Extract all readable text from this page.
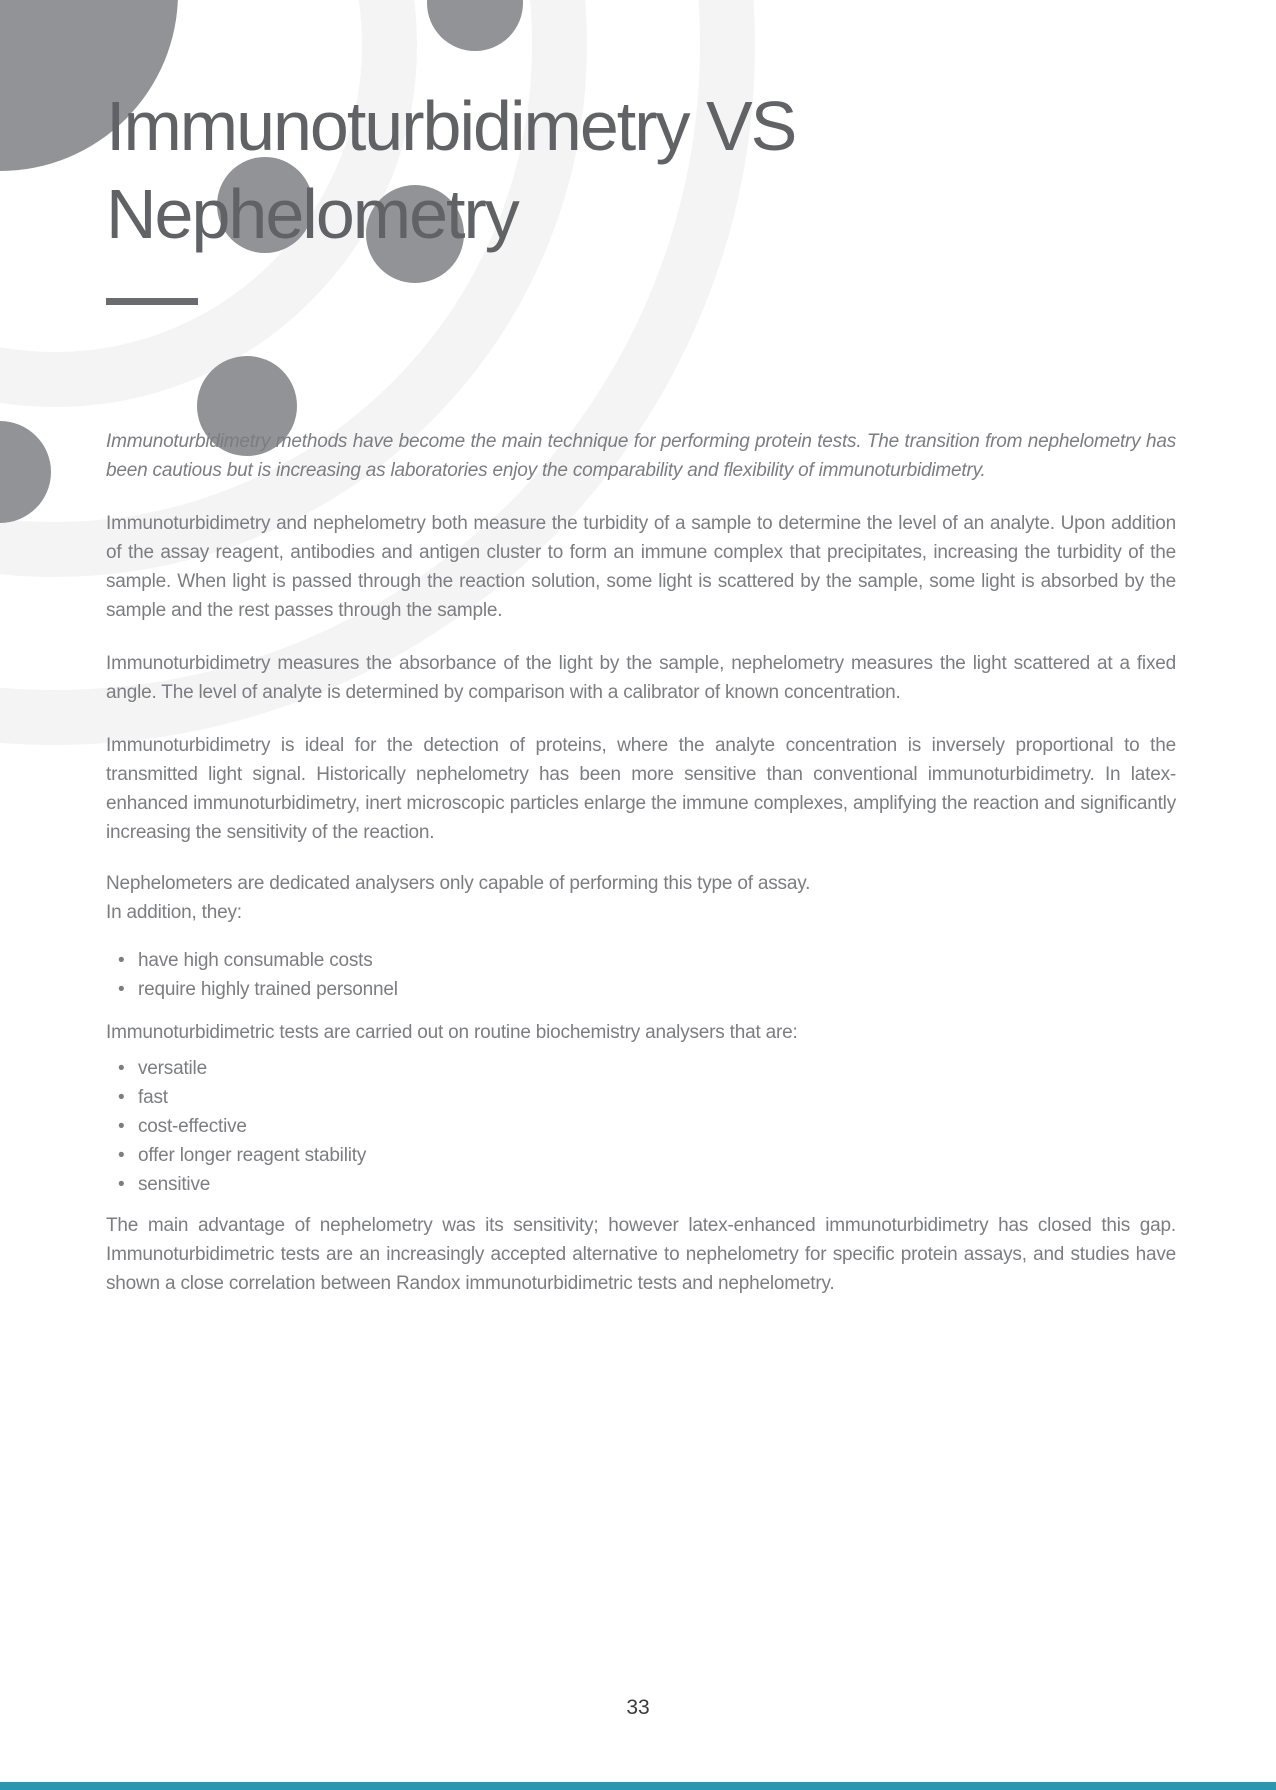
Immunoturbidimetry VS
Nephelometry

Immunoturbidimetry methods have become the main technique for performing protein tests. The transition from nephelometry has been cautious but is increasing as laboratories enjoy the comparability and flexibility of immunoturbidimetry.

Immunoturbidimetry and nephelometry both measure the turbidity of a sample to determine the level of an analyte. Upon addition of the assay reagent, antibodies and antigen cluster to form an immune complex that precipitates, increasing the turbidity of the sample. When light is passed through the reaction solution, some light is scattered by the sample, some light is absorbed by the sample and the rest passes through the sample.

Immunoturbidimetry measures the absorbance of the light by the sample, nephelometry measures the light scattered at a fixed angle. The level of analyte is determined by comparison with a calibrator of known concentration.

Immunoturbidimetry is ideal for the detection of proteins, where the analyte concentration is inversely proportional to the transmitted light signal. Historically nephelometry has been more sensitive than conventional immunoturbidimetry. In latex-enhanced immunoturbidimetry, inert microscopic particles enlarge the immune complexes, amplifying the reaction and significantly increasing the sensitivity of the reaction.

Nephelometers are dedicated analysers only capable of performing this type of assay.
In addition, they:

• have high consumable costs
• require highly trained personnel

Immunoturbidimetric tests are carried out on routine biochemistry analysers that are:

• versatile
• fast
• cost-effective
• offer longer reagent stability
• sensitive

The main advantage of nephelometry was its sensitivity; however latex-enhanced immunoturbidimetry has closed this gap. Immunoturbidimetric tests are an increasingly accepted alternative to nephelometry for specific protein assays, and studies have shown a close correlation between Randox immunoturbidimetric tests and nephelometry.

33
